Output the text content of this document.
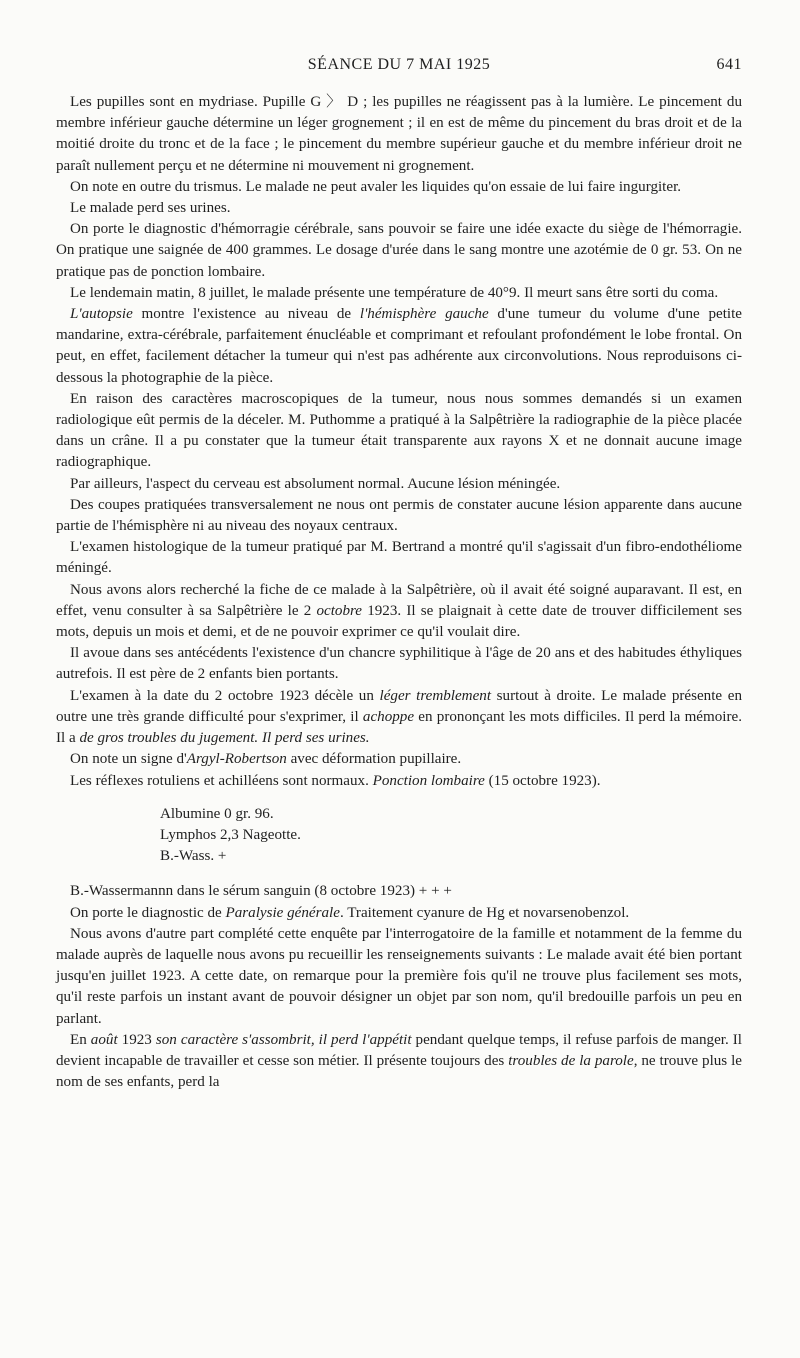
SÉANCE DU 7 MAI 1925	641

Les pupilles sont en mydriase. Pupille G 〉 D ; les pupilles ne réagissent pas à la lumière. Le pincement du membre inférieur gauche détermine un léger grognement ; il en est de même du pincement du bras droit et de la moitié droite du tronc et de la face ; le pincement du membre supérieur gauche et du membre inférieur droit ne paraît nullement perçu et ne détermine ni mouvement ni grognement.

On note en outre du trismus. Le malade ne peut avaler les liquides qu'on essaie de lui faire ingurgiter.

Le malade perd ses urines.

On porte le diagnostic d'hémorragie cérébrale, sans pouvoir se faire une idée exacte du siège de l'hémorragie. On pratique une saignée de 400 grammes. Le dosage d'urée dans le sang montre une azotémie de 0 gr. 53. On ne pratique pas de ponction lombaire.

Le lendemain matin, 8 juillet, le malade présente une température de 40°9. Il meurt sans être sorti du coma.

L'autopsie montre l'existence au niveau de l'hémisphère gauche d'une tumeur du volume d'une petite mandarine, extra-cérébrale, parfaitement énucléable et comprimant et refoulant profondément le lobe frontal. On peut, en effet, facilement détacher la tumeur qui n'est pas adhérente aux circonvolutions. Nous reproduisons ci-dessous la photographie de la pièce.

En raison des caractères macroscopiques de la tumeur, nous nous sommes demandés si un examen radiologique eût permis de la déceler. M. Puthomme a pratiqué à la Salpêtrière la radiographie de la pièce placée dans un crâne. Il a pu constater que la tumeur était transparente aux rayons X et ne donnait aucune image radiographique.

Par ailleurs, l'aspect du cerveau est absolument normal. Aucune lésion méningée.

Des coupes pratiquées transversalement ne nous ont permis de constater aucune lésion apparente dans aucune partie de l'hémisphère ni au niveau des noyaux centraux.

L'examen histologique de la tumeur pratiqué par M. Bertrand a montré qu'il s'agissait d'un fibro-endothéliome méningé.

Nous avons alors recherché la fiche de ce malade à la Salpêtrière, où il avait été soigné auparavant. Il est, en effet, venu consulter à sa Salpêtrière le 2 octobre 1923. Il se plaignait à cette date de trouver difficilement ses mots, depuis un mois et demi, et de ne pouvoir exprimer ce qu'il voulait dire.

Il avoue dans ses antécédents l'existence d'un chancre syphilitique à l'âge de 20 ans et des habitudes éthyliques autrefois. Il est père de 2 enfants bien portants.

L'examen à la date du 2 octobre 1923 décèle un léger tremblement surtout à droite. Le malade présente en outre une très grande difficulté pour s'exprimer, il achoppe en prononçant les mots difficiles. Il perd la mémoire. Il a de gros troubles du jugement. Il perd ses urines.

On note un signe d'Argyl-Robertson avec déformation pupillaire.

Les réflexes rotuliens et achilléens sont normaux. Ponction lombaire (15 octobre 1923).

Albumine 0 gr. 96.
Lymphos 2,3 Nageotte.
B.-Wass. +

B.-Wassermannn dans le sérum sanguin (8 octobre 1923) + + +

On porte le diagnostic de Paralysie générale. Traitement cyanure de Hg et novarsenobenzol.

Nous avons d'autre part complété cette enquête par l'interrogatoire de la famille et notamment de la femme du malade auprès de laquelle nous avons pu recueillir les renseignements suivants : Le malade avait été bien portant jusqu'en juillet 1923. A cette date, on remarque pour la première fois qu'il ne trouve plus facilement ses mots, qu'il reste parfois un instant avant de pouvoir désigner un objet par son nom, qu'il bredouille parfois un peu en parlant.

En août 1923 son caractère s'assombrit, il perd l'appétit pendant quelque temps, il refuse parfois de manger. Il devient incapable de travailler et cesse son métier. Il présente toujours des troubles de la parole, ne trouve plus le nom de ses enfants, perd la
